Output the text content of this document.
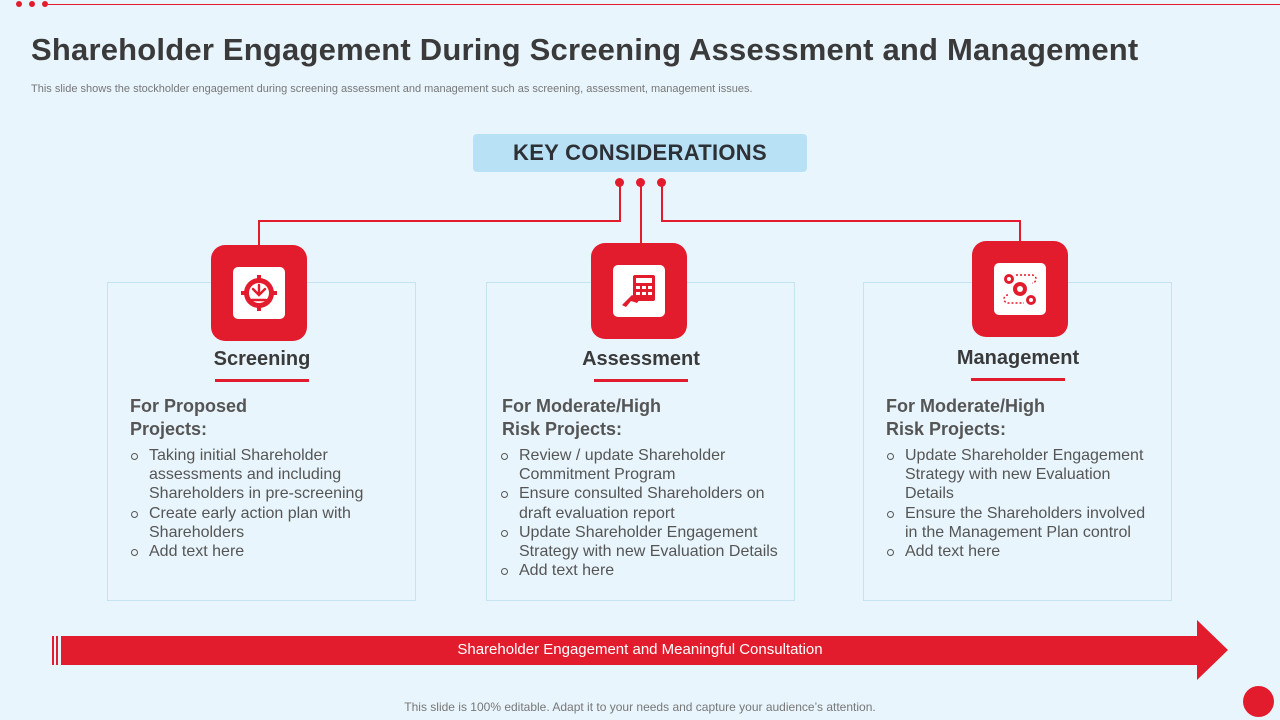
Shareholder Engagement During Screening Assessment and Management
This slide shows the stockholder engagement during screening assessment and management such as screening, assessment, management issues.
KEY CONSIDERATIONS
Screening
For Proposed
Projects:
Taking initial Shareholder assessments and including Shareholders in pre-screening
Create early action plan with Shareholders
Add text here
Assessment
For Moderate/High
Risk Projects:
Review / update Shareholder Commitment Program
Ensure consulted Shareholders on draft evaluation report
Update Shareholder Engagement Strategy with new Evaluation Details
Add text here
Management
For Moderate/High
Risk Projects:
Update Shareholder Engagement Strategy with new Evaluation Details
Ensure the Shareholders involved in the Management Plan control
Add text here
Shareholder Engagement and Meaningful Consultation
This slide is 100% editable. Adapt it to your needs and capture your audience’s attention.
